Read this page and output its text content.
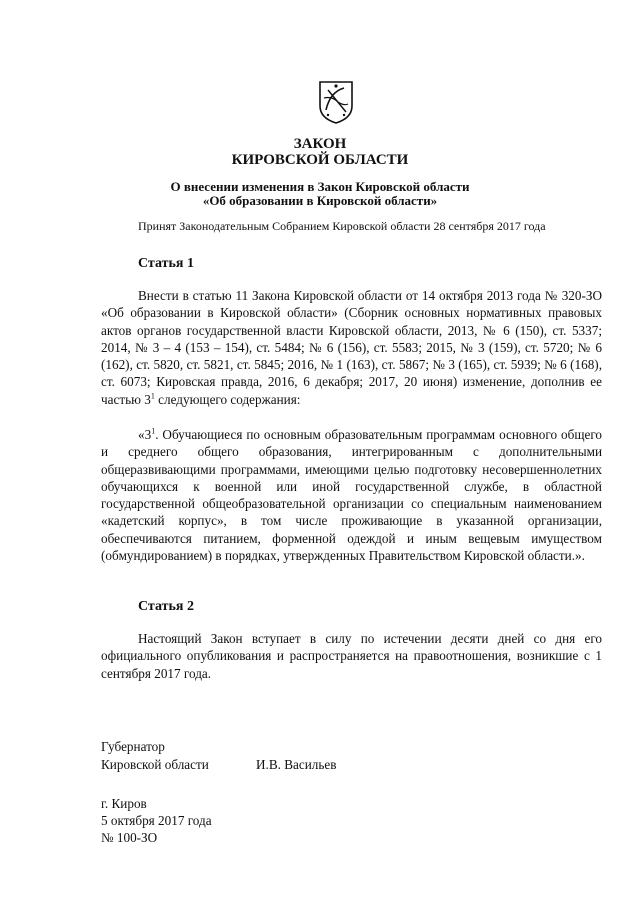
ЗАКОН
КИРОВСКОЙ ОБЛАСТИ
О внесении изменения в Закон Кировской области
«Об образовании в Кировской области»
Принят Законодательным Собранием Кировской области 28 сентября 2017 года
Статья 1
Внести в статью 11 Закона Кировской области от 14 октября 2013 года № 320-ЗО «Об образовании в Кировской области» (Сборник основных нормативных правовых актов органов государственной власти Кировской области, 2013, № 6 (150), ст. 5337; 2014, № 3 – 4 (153 – 154), ст. 5484; № 6 (156), ст. 5583; 2015, № 3 (159), ст. 5720; № 6 (162), ст. 5820, ст. 5821, ст. 5845; 2016, № 1 (163), ст. 5867; № 3 (165), ст. 5939; № 6 (168), ст. 6073; Кировская правда, 2016, 6 декабря; 2017, 20 июня) изменение, дополнив ее частью $3^1$ следующего содержания:
«$3^1$. Обучающиеся по основным образовательным программам основного общего и среднего общего образования, интегрированным с дополнительными общеразвивающими программами, имеющими целью подготовку несовершеннолетних обучающихся к военной или иной государственной службе, в областной государственной общеобразовательной организации со специальным наименованием «кадетский корпус», в том числе проживающие в указанной организации, обеспечиваются питанием, форменной одеждой и иным вещевым имуществом (обмундированием) в порядках, утвержденных Правительством Кировской области.».
Статья 2
Настоящий Закон вступает в силу по истечении десяти дней со дня его официального опубликования и распространяется на правоотношения, возникшие с 1 сентября 2017 года.
Губернатор
Кировской области	И.В. Васильев
г. Киров
5 октября 2017 года
№ 100-ЗО
